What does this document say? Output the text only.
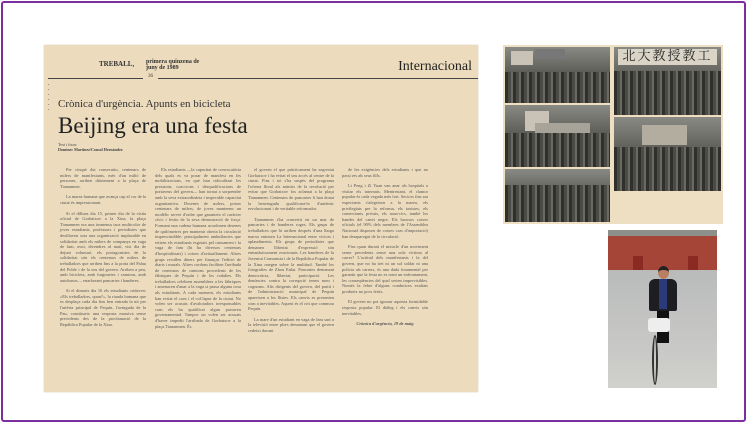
•
•
•
•
•
•
TREBALL, primera quinzena de juny de 1989	Internacional
36
Crònica d'urgència. Apunts en bicicleta
Beijing era una festa
Text i fotos:
Dominec Martínez/Consol Hernández

Per cinquè dia consecutiu, centenars de milers de manifestants, més d'un milió de persones, arriben diàriament a la plaça de Tiananmen.

La marea humana que avança cap al cor de la ciutat és impressionant.

Si el dilluns dia 15, primer dia de la visita oficial de Gorbatxov a la Xina, la plaça Tiananmen era una immensa taca multicolor de joves estudiants, professors i periodistes que desfilaven sota una organització implacable en solidaritat amb els milers de companys en vaga de fam, avui, divendres al matí, vist dia de dejuni voluntari, els protagonistes de la solidaritat són els centenars de milers de treballadors que arriben fins a la porta del Palau del Poble i de la seu del govern. Arriben a peu, amb bicicleta, amb furgonetes i camions, amb autobusos..., enarborant pancartes i banderes.

Si el dimarts dia 16 els estudiants cridaven: «Els treballadors, quan?», la riuada humana que es desplaça cada dia fins ben entrada la nit per l'artèria principal de Pequín, l'avinguda de la Pau, constitueix una resposta massiva sense precedents des de la proclamació de la República Popular de la Xina.

Els estudiants —la capacitat de convocatòria dels quals es va posar de manifest en les mobilitzacions, en què han ridiculitzat les pressions, coaccions i desqualificacions de portaveus del govern— han tornat a sorprendre amb la seva extraordinària i impecable capacitat organitzativa. Desenes de milers, potser centenars de milers, de joves mantenen un modèlic servei d'ordre que garanteix el caràcter cívic i festiu de la seva demostració de força. Formant una cadena humana acordonen desenes de quilòmetres per mantenir oberta la circulació imprescindible: principalment ambulàncies que retiren els estudiants esgotats pel cansament i la vaga de fam (hi ha diversos centenars d'hospitalitzats) i cotxes d'avituallament. Altres grups recullen diners per finançar l'edició de diaris i murals. Altres cordons faciliten l'arribada de centenars de camions procedents de les fàbriques de Pequín i de les rodalies. Els treballadors celebren assemblees a les fàbriques i amenacen d'anar a la vaga si passa alguna cosa als estudiants. A cada moment, els estudiants han evitat el caos i el col·lapse de la ciutat. No volen ser acusats d'avalotadors irresponsables com els ha qualificat algun portaveu governamental. Tampoc no volen ser acusats d'haver impedit l'arribada de Gorbatxov a la plaça Tiananmen. És

el govern el que pràcticament ha segrestat Gorbatxov i ha evitat el seu accés al centre de la ciutat. Fins i tot s'ha suspès del programa l'ofrena floral als màrtirs de la revolució per evitar que Gorbatxov fos aclamat a la plaça Tiananmen. Centenars de pancartes li han donat la benvinguda qualificant-lo d'autèntic revolucionari i de veritable reformador.

Tiananmen s'ha convertit en un mar de pancartes i de banderes roges. Els grups de treballadors que hi arriben després d'una llarga marxa entonen La Internacional entre víctors i aplaudiments. Els grups de periodistes que demanen llibertat d'expressió són entusiàsticament ovacionats. Les banderes de la Joventut Comunista i de la República Popular de la Xina onegen sobre la multitud. També les fotografies de Zhou Enlai. Pancartes demanant democràcia, llibertat, participació. Les denúncies contra la corrupció tenen nom i cognoms. Alts dirigents del govern, del partit i de l'administració municipal de Pequín apareixen a les llistes. Els canvis es presenten com a inevitables. Aquest és el crit que commou Pequín.

La mare d'un estudiant en vaga de fam surt a la televisió entre plors demanant que el govern cedeixi davant

de les exigències dels estudiants i que no passi res als seus fills.

Li Peng i Zi Yuan van anar als hospitals a visitar els internats. Mentrestant, el clamor popular és cada vegada més fort. Sectors fins ara expectants s'afegeixen a la marea, els privilegiats per la reforma, els taxistes, els comerciants privats, els nous-rics, també les bandes del canvi negre. Els luxosos cotxes oficials (el 90% dels membres de l'Assemblea Nacional disposen de cotxes cars d'importació) han desaparegut de la circulació.

Fins quan durarà el miracle d'un moviment sense precedents sense una sola víctima al carrer? L'actitud dels manifestants i la del govern, que no ha tret ni un sol soldat ni una policia als carrers, és una dada fonamental per garantir que la festa no es torni un enfrontament, les conseqüències del qual serien imprevisibles. Només la febre d'alguns conductors exaltats produeix no pocs ferits.

El govern no pot ignorar aquesta formidable resposta popular. El diàleg i els canvis són inevitables.

Crònica d'urgència, 19 de maig

北大教授教工
